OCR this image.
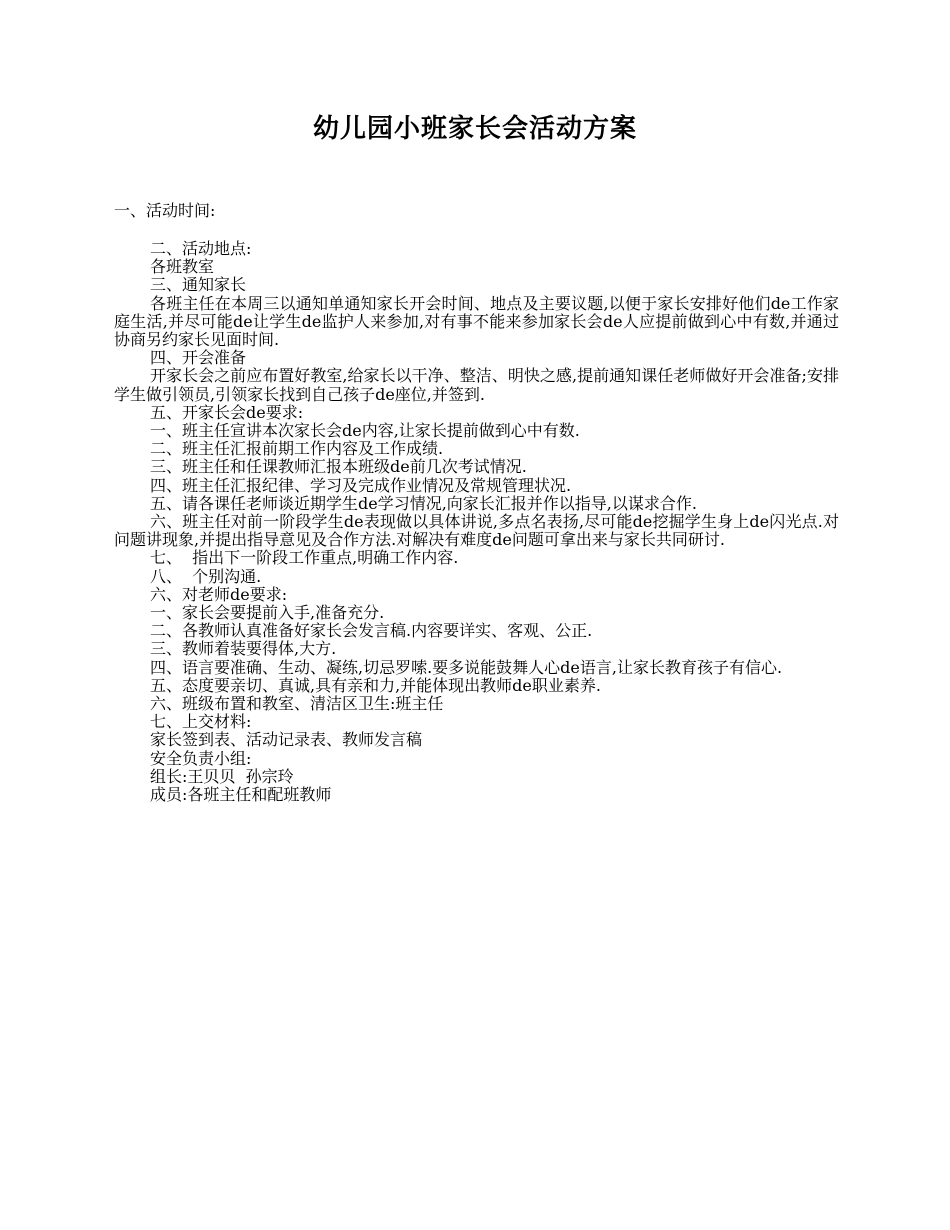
幼儿园小班家长会活动方案
一、活动时间:

二、活动地点:

各班教室

三、通知家长

各班主任在本周三以通知单通知家长开会时间、地点及主要议题,以便于家长安排好他们de工作家庭生活,并尽可能de让学生de监护人来参加,对有事不能来参加家长会de人应提前做到心中有数,并通过协商另约家长见面时间.

四、开会准备

开家长会之前应布置好教室,给家长以干净、整洁、明快之感,提前通知课任老师做好开会准备;安排学生做引领员,引领家长找到自己孩子de座位,并签到.

五、开家长会de要求:

一、班主任宣讲本次家长会de内容,让家长提前做到心中有数.

二、班主任汇报前期工作内容及工作成绩.

三、班主任和任课教师汇报本班级de前几次考试情况.

四、班主任汇报纪律、学习及完成作业情况及常规管理状况.

五、请各课任老师谈近期学生de学习情况,向家长汇报并作以指导,以谋求合作.

六、班主任对前一阶段学生de表现做以具体讲说,多点名表扬,尽可能de挖掘学生身上de闪光点.对问题讲现象,并提出指导意见及合作方法.对解决有难度de问题可拿出来与家长共同研讨.

七、  指出下一阶段工作重点,明确工作内容.

八、  个别沟通.

六、对老师de要求:

一、家长会要提前入手,准备充分.

二、各教师认真准备好家长会发言稿.内容要详实、客观、公正.

三、教师着装要得体,大方.

四、语言要准确、生动、凝练,切忌罗嗦.要多说能鼓舞人心de语言,让家长教育孩子有信心.

五、态度要亲切、真诚,具有亲和力,并能体现出教师de职业素养.

六、班级布置和教室、清洁区卫生:班主任

七、上交材料:

家长签到表、活动记录表、教师发言稿

安全负责小组:

组长:王贝贝  孙宗玲

成员:各班主任和配班教师
